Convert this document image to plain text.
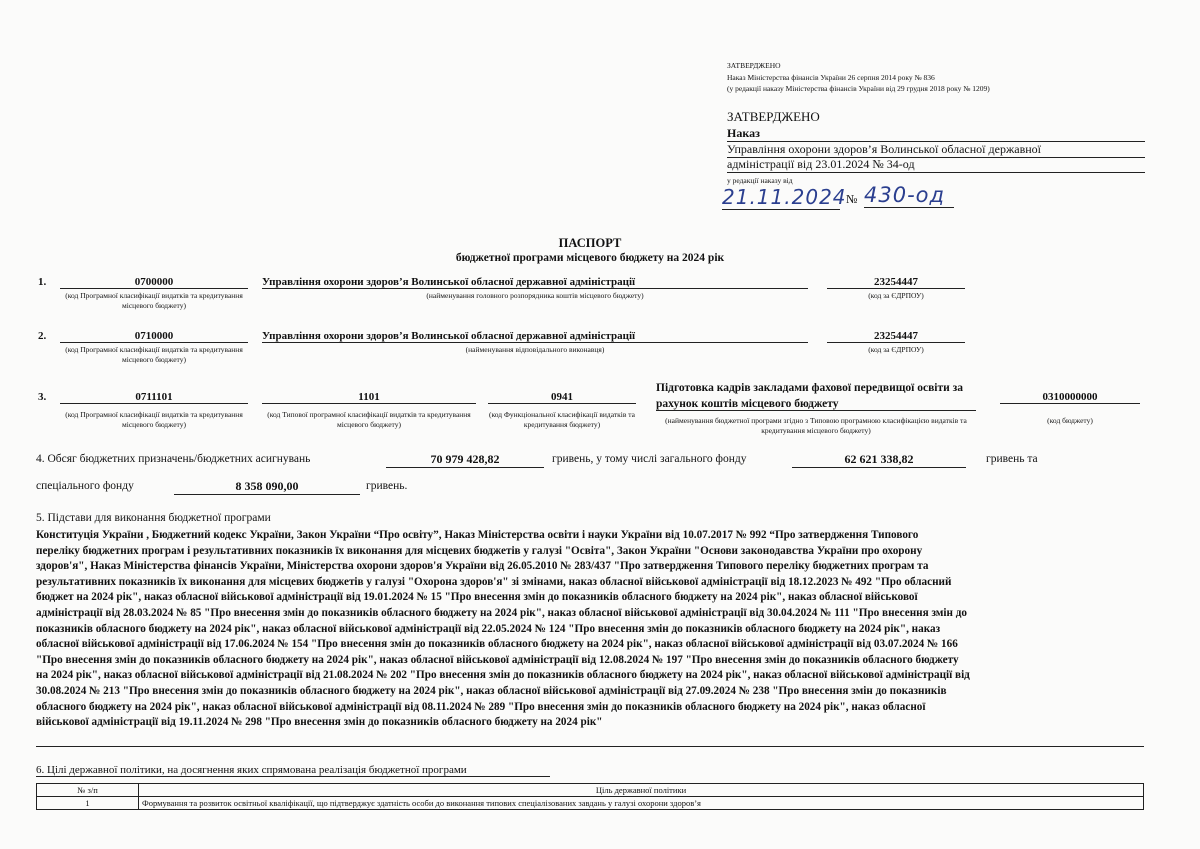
ЗАТВЕРДЖЕНО
Наказ Міністерства фінансів України 26 серпня 2014 року № 836
(у редакції наказу Міністерства фінансів України від 29 грудня 2018 року № 1209)
ЗАТВЕРДЖЕНО
Наказ
Управління охорони здоров’я Волинської обласної державної
адміністрації від 23.01.2024 № 34-од
у редакції наказу від
21.11.2024 № 430-од
ПАСПОРТ
бюджетної програми місцевого бюджету на 2024 рік
1.	0700000
(код Програмної класифікації видатків та кредитування місцевого бюджету)
Управління охорони здоров’я Волинської обласної державної адміністрації
(найменування головного розпорядника коштів місцевого бюджету)
23254447
(код за ЄДРПОУ)
2.	0710000
(код Програмної класифікації видатків та кредитування місцевого бюджету)
Управління охорони здоров’я Волинської обласної державної адміністрації
(найменування відповідального виконавця)
23254447
(код за ЄДРПОУ)
3.	0711101
(код Програмної класифікації видатків та кредитування місцевого бюджету)
1101
(код Типової програмної класифікації видатків та кредитування місцевого бюджету)
0941
(код Функціональної класифікації видатків та кредитування бюджету)
Підготовка кадрів закладами фахової передвищої освіти за
рахунок коштів місцевого бюджету
(найменування бюджетної програми згідно з Типовою програмною класифікацією видатків та кредитування місцевого бюджету)
0310000000
(код бюджету)
4. Обсяг бюджетних призначень/бюджетних асигнувань	70 979 428,82	гривень, у тому числі загального фонду	62 621 338,82	гривень та
спеціального фонду	8 358 090,00	гривень.
5. Підстави для виконання бюджетної програми

Конституція України , Бюджетний кодекс України, Закон України “Про освіту”, Наказ Міністерства освіти і науки України від 10.07.2017 № 992 “Про затвердження Типового

переліку бюджетних програм і результативних показників їх виконання для місцевих бюджетів у галузі "Освіта", Закон України "Основи законодавства України про охорону

здоров'я", Наказ Міністерства фінансів України, Міністерства охорони здоров'я України від 26.05.2010 № 283/437 "Про затвердження Типового переліку бюджетних програм та

результативних показників їх виконання для місцевих бюджетів у галузі "Охорона здоров'я" зі змінами, наказ обласної військової адміністрації від 18.12.2023 № 492 "Про обласний

бюджет на 2024 рік", наказ обласної військової адміністрації від 19.01.2024 № 15 "Про внесення змін до показників обласного бюджету на 2024 рік", наказ обласної військової

адміністрації від 28.03.2024 № 85 "Про внесення змін до показників обласного бюджету на 2024 рік", наказ обласної військової адміністрації від 30.04.2024 № 111 "Про внесення змін до

показників обласного бюджету на 2024 рік", наказ обласної військової адміністрації від 22.05.2024 № 124 "Про внесення змін до показників обласного бюджету на 2024 рік", наказ

обласної військової адміністрації від 17.06.2024 № 154 "Про внесення змін до показників обласного бюджету на 2024 рік", наказ обласної військової адміністрації від 03.07.2024 № 166

"Про внесення змін до показників обласного бюджету на 2024 рік", наказ обласної військової адміністрації від 12.08.2024 № 197 "Про внесення змін до показників обласного бюджету

на 2024 рік", наказ обласної військової адміністрації від 21.08.2024 № 202 "Про внесення змін до показників обласного бюджету на 2024 рік", наказ обласної військової адміністрації від

30.08.2024 № 213 "Про внесення змін до показників обласного бюджету на 2024 рік", наказ обласної військової адміністрації від 27.09.2024 № 238 "Про внесення змін до показників

обласного бюджету на 2024 рік", наказ обласної військової адміністрації від 08.11.2024 № 289 "Про внесення змін до показників обласного бюджету на 2024 рік", наказ обласної

військової адміністрації від 19.11.2024 № 298 "Про внесення змін до показників обласного бюджету на 2024 рік"

6. Цілі державної політики, на досягнення яких спрямована реалізація бюджетної програми
№ з/п	Ціль державної політики
1	Формування та розвиток освітньої кваліфікації, що підтверджує здатність особи до виконання типових спеціалізованих завдань у галузі охорони здоров’я
